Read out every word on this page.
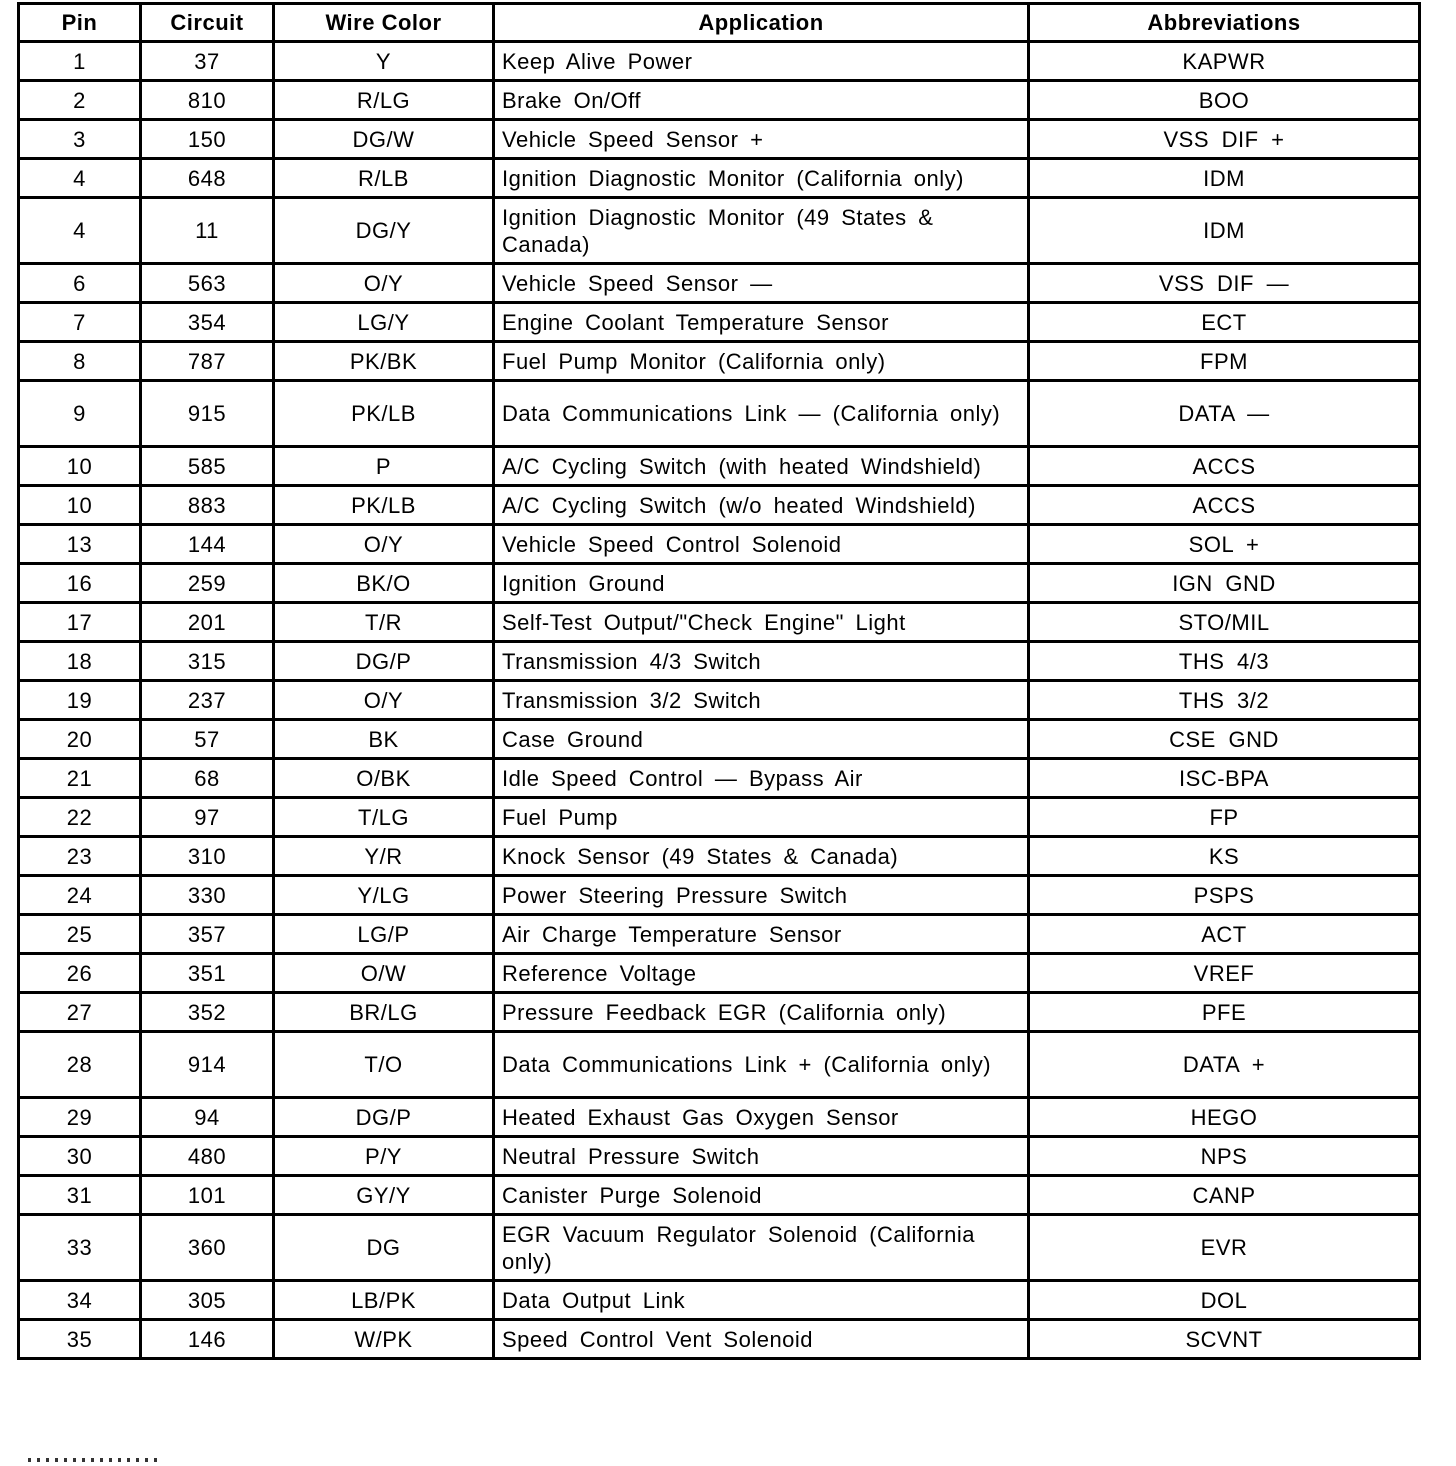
Pin	Circuit	Wire Color	Application	Abbreviations
1	37	Y	Keep Alive Power	KAPWR
2	810	R/LG	Brake On/Off	BOO
3	150	DG/W	Vehicle Speed Sensor +	VSS DIF +
4	648	R/LB	Ignition Diagnostic Monitor (California only)	IDM
4	11	DG/Y	Ignition Diagnostic Monitor (49 States & Canada)	IDM
6	563	O/Y	Vehicle Speed Sensor —	VSS DIF —
7	354	LG/Y	Engine Coolant Temperature Sensor	ECT
8	787	PK/BK	Fuel Pump Monitor (California only)	FPM
9	915	PK/LB	Data Communications Link — (California only)	DATA —
10	585	P	A/C Cycling Switch (with heated Windshield)	ACCS
10	883	PK/LB	A/C Cycling Switch (w/o heated Windshield)	ACCS
13	144	O/Y	Vehicle Speed Control Solenoid	SOL +
16	259	BK/O	Ignition Ground	IGN GND
17	201	T/R	Self-Test Output/"Check Engine" Light	STO/MIL
18	315	DG/P	Transmission 4/3 Switch	THS 4/3
19	237	O/Y	Transmission 3/2 Switch	THS 3/2
20	57	BK	Case Ground	CSE GND
21	68	O/BK	Idle Speed Control — Bypass Air	ISC-BPA
22	97	T/LG	Fuel Pump	FP
23	310	Y/R	Knock Sensor (49 States & Canada)	KS
24	330	Y/LG	Power Steering Pressure Switch	PSPS
25	357	LG/P	Air Charge Temperature Sensor	ACT
26	351	O/W	Reference Voltage	VREF
27	352	BR/LG	Pressure Feedback EGR (California only)	PFE
28	914	T/O	Data Communications Link + (California only)	DATA +
29	94	DG/P	Heated Exhaust Gas Oxygen Sensor	HEGO
30	480	P/Y	Neutral Pressure Switch	NPS
31	101	GY/Y	Canister Purge Solenoid	CANP
33	360	DG	EGR Vacuum Regulator Solenoid (California only)	EVR
34	305	LB/PK	Data Output Link	DOL
35	146	W/PK	Speed Control Vent Solenoid	SCVNT
